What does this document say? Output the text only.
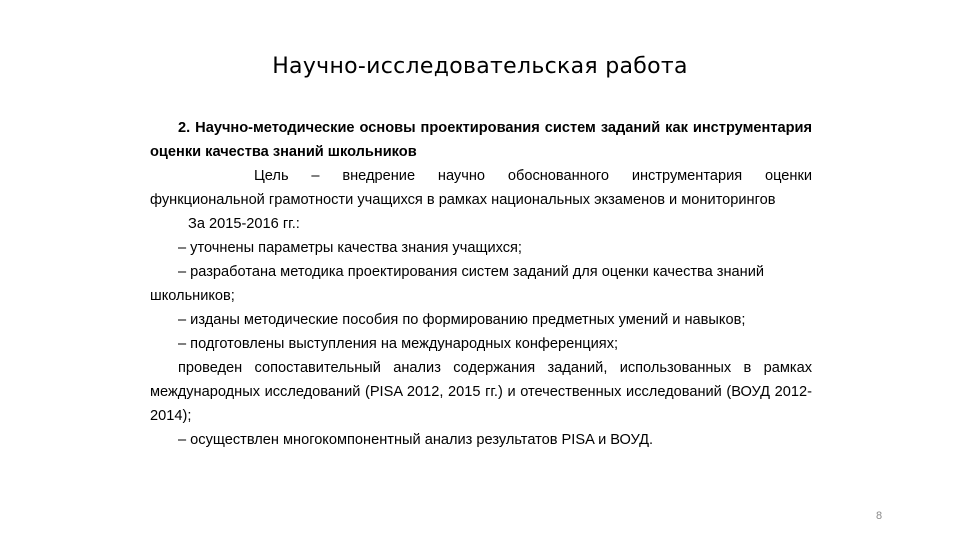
Научно-исследовательская работа

2. Научно-методические основы проектирования систем заданий как инструментария оценки качества знаний школьников

Цель – внедрение научно обоснованного инструментария оценки функциональной грамотности учащихся в рамках национальных экзаменов и мониторингов

За 2015-2016 гг.:

– уточнены параметры качества знания учащихся;

– разработана методика проектирования систем заданий для оценки качества знаний школьников;

– изданы методические пособия по формированию предметных умений и навыков;

– подготовлены выступления на международных конференциях;

проведен сопоставительный анализ содержания заданий, использованных в рамках международных исследований (PISA 2012, 2015 гг.) и отечественных исследований (ВОУД 2012-2014);

– осуществлен многокомпонентный анализ результатов PISA и ВОУД.

8
